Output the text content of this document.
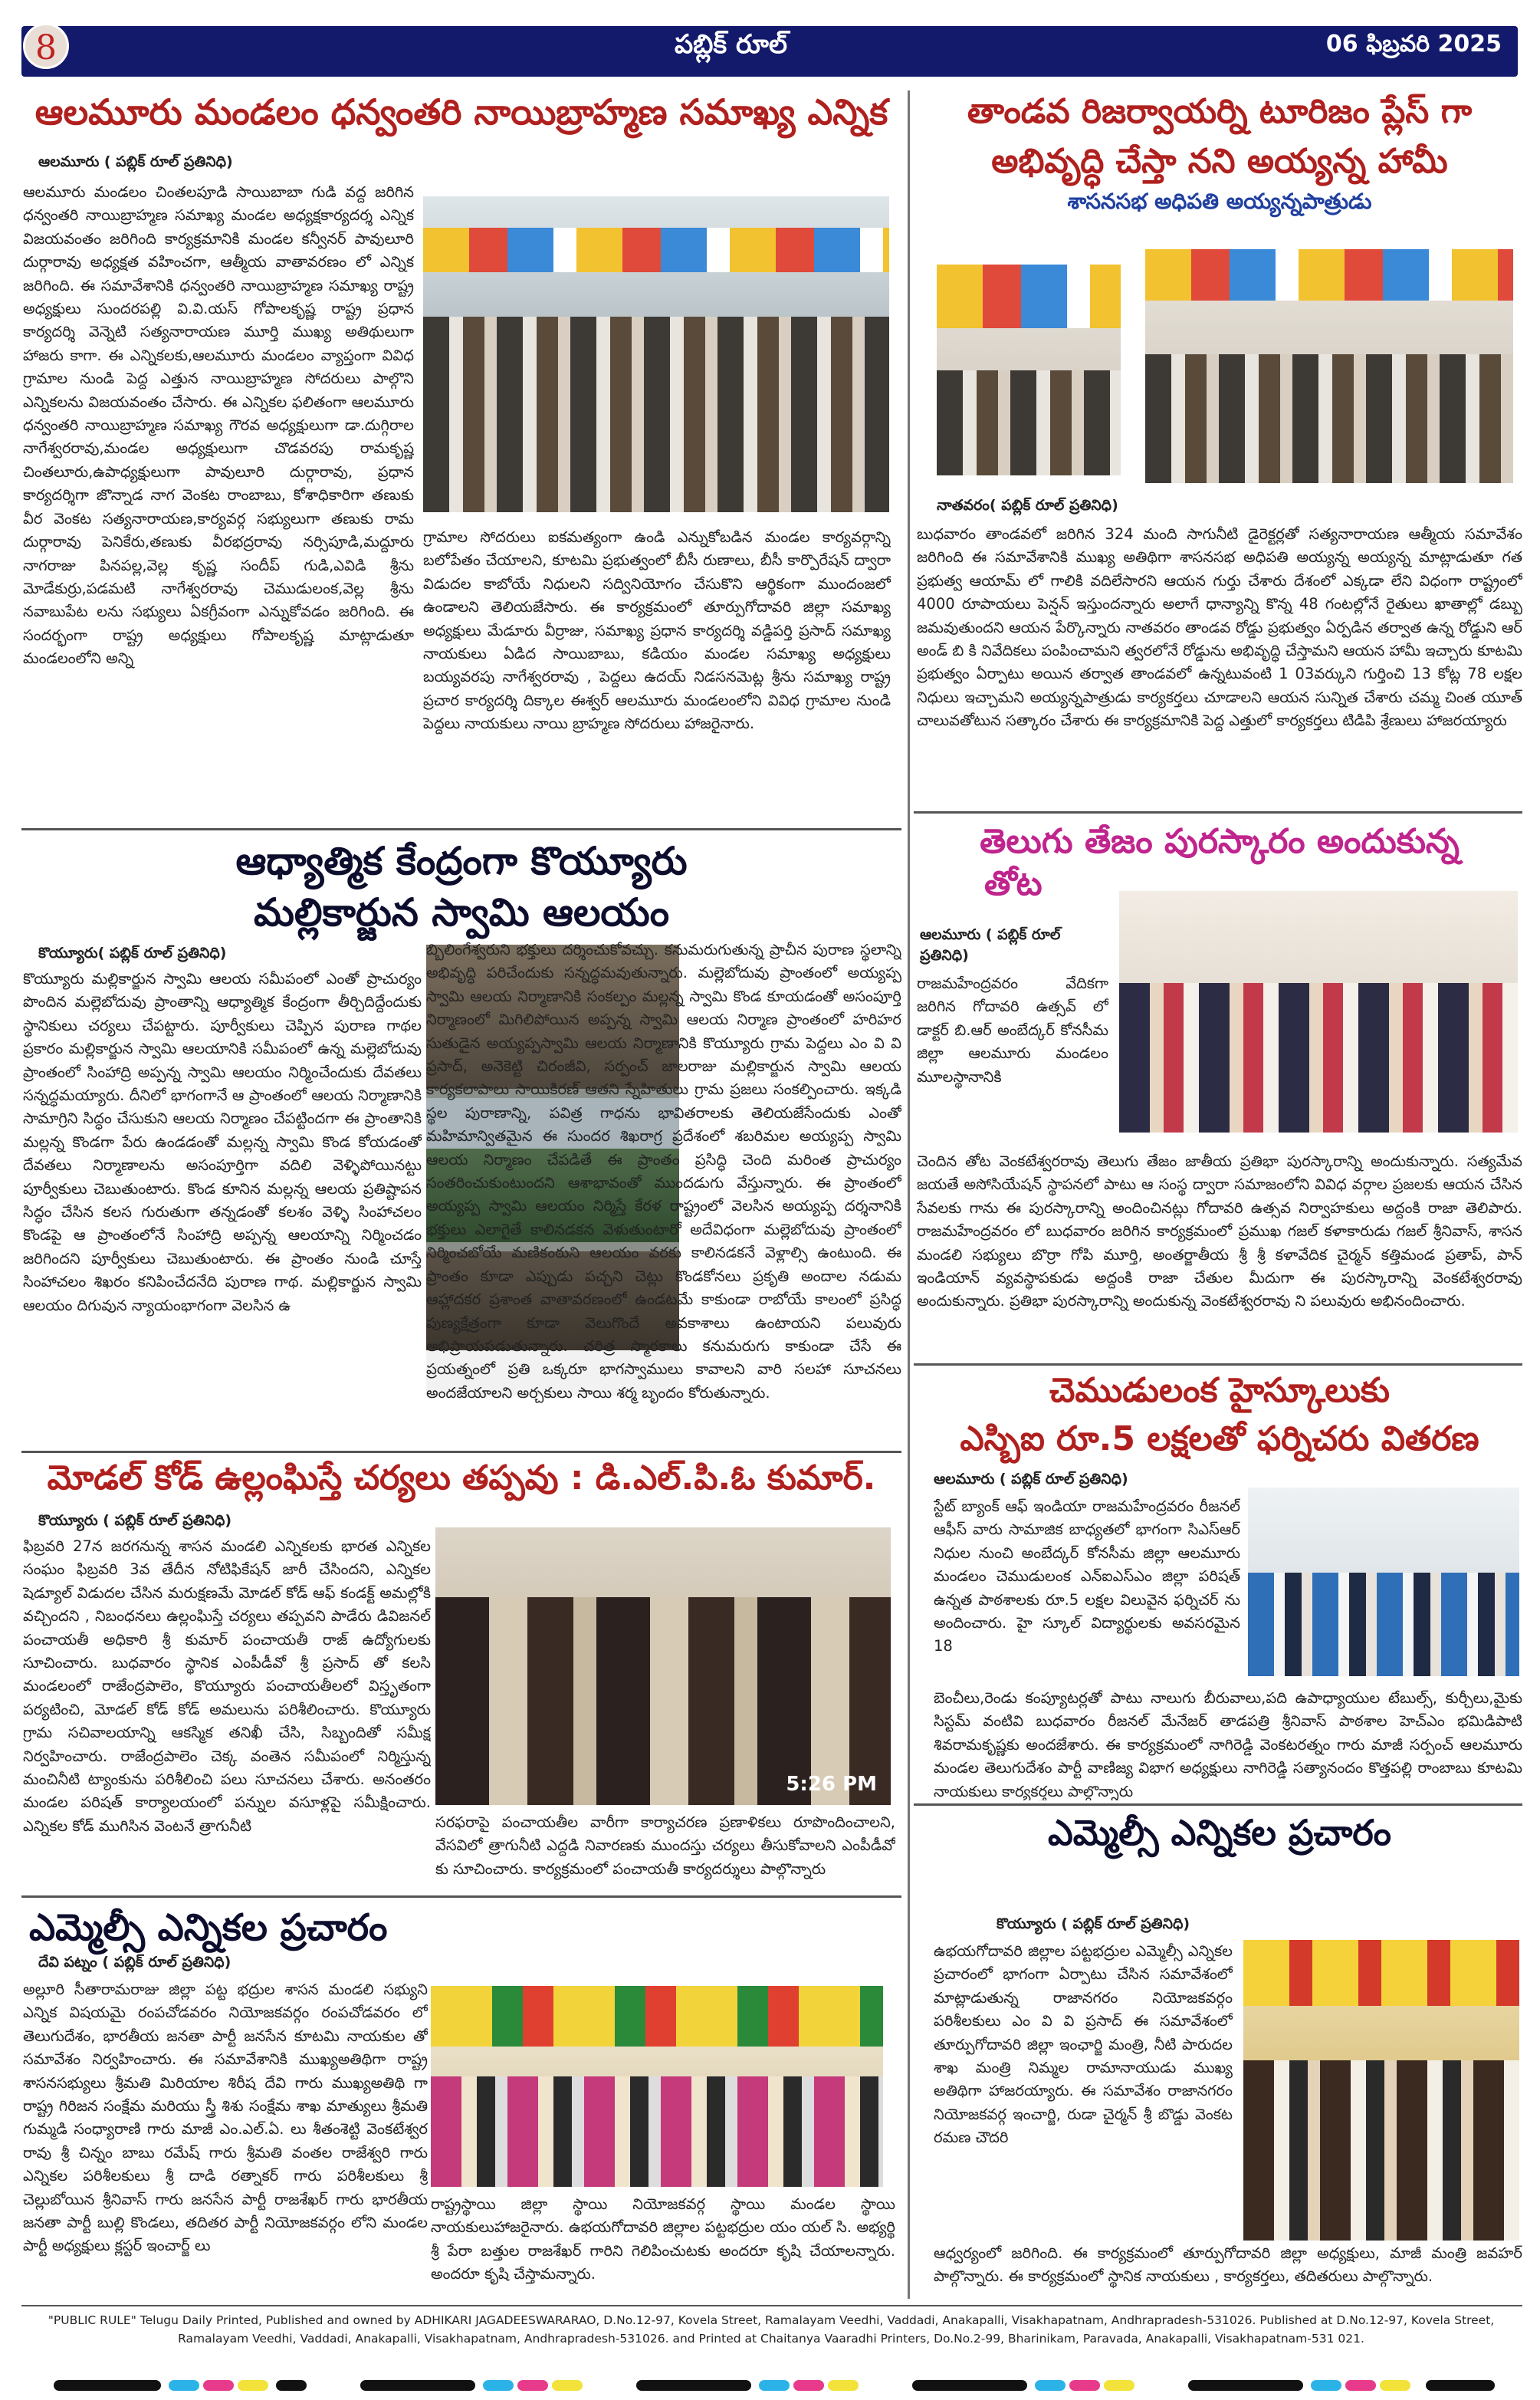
8	పబ్లిక్ రూల్	06 ఫిబ్రవరి 2025
ఆలమూరు మండలం ధన్వంతరి నాయిబ్రాహ్మణ సమాఖ్య ఎన్నిక
ఆలమూరు ( పబ్లిక్ రూల్ ప్రతినిధి)
ఆలమూరు మండలం చింతలపూడి సాయిబాబా గుడి వద్ద జరిగిన ధన్వంతరి నాయిబ్రాహ్మణ సమాఖ్య మండల అధ్యక్షకార్యదర్శ ఎన్నిక విజయవంతం జరిగింది కార్యక్రమానికి మండల కన్వీనర్ పావులూరి దుర్గారావు అధ్యక్షత వహించగా, ఆత్మీయ వాతావరణం లో ఎన్నిక జరిగింది. ఈ సమావేశానికి ధన్వంతరి నాయిబ్రాహ్మణ సమాఖ్య రాష్ట్ర అధ్యక్షులు సుందరపల్లి వి.వి.యస్ గోపాలకృష్ణ రాష్ట్ర ప్రధాన కార్యదర్శి వెన్నెటి సత్యనారాయణ మూర్తి ముఖ్య అతిథులుగా హాజరు కాగా. ఈ ఎన్నికలకు,ఆలమూరు మండలం వ్యాప్తంగా వివిధ గ్రామాల నుండి పెద్ద ఎత్తున నాయిబ్రాహ్మణ సోదరులు పాల్గొని ఎన్నికలను విజయవంతం చేసారు. ఈ ఎన్నికల ఫలితంగా ఆలమూరు ధన్వంతరి నాయిబ్రాహ్మణ సమాఖ్య గౌరవ అధ్యక్షులుగా డా.దుగ్గిరాల నాగేశ్వరరావు,మండల అధ్యక్షులుగా చొడవరపు రామకృష్ణ చింతలూరు,ఉపాధ్యక్షులుగా పావులూరి దుర్గారావు, ప్రధాన కార్యదర్శిగా జొన్నాడ నాగ వెంకట రాంబాబు, కోశాధికారిగా తణుకు వీర వెంకట సత్యనారాయణ,కార్యవర్గ సభ్యులుగా తణుకు రామ దుర్గారావు పెనికేరు,తణుకు వీరభద్రరావు నర్సిపూడి,మద్దూరు నాగరాజు పినపల్ల,వెల్ల కృష్ణ సందీప్ గుడి,ఎవిడి శ్రీను మోడేకుర్రు,పడమటి నాగేశ్వరరావు చెముడులంక,వెల్ల శ్రీను నవాబుపేట లను సభ్యులు ఏకగ్రీవంగా ఎన్నుకోవడం జరిగింది. ఈ సందర్భంగా రాష్ట్ర అధ్యక్షులు గోపాలకృష్ణ మాట్లాడుతూ మండలంలోని అన్ని
గ్రామాల సోదరులు ఐకమత్యంగా ఉండి ఎన్నుకోబడిన మండల కార్యవర్గాన్ని బలోపేతం చేయాలని, కూటమి ప్రభుత్వంలో బీసీ రుణాలు, బీసీ కార్పొరేషన్ ద్వారా విడుదల కాబోయే నిధులని సద్వినియోగం చేసుకొని ఆర్థికంగా ముందంజలో ఉండాలని తెలియజేసారు. ఈ కార్యక్రమంలో తూర్పుగోదావరి జిల్లా సమాఖ్య అధ్యక్షులు మేడూరు వీర్రాజు, సమాఖ్య ప్రధాన కార్యదర్శి వడ్డిపర్తి ప్రసాద్ సమాఖ్య నాయకులు ఏడిద సాయిబాబు, కడియం మండల సమాఖ్య అధ్యక్షులు బయ్యవరపు నాగేశ్వరరావు , పెద్దలు ఉదయ్ నిడసనమెట్ల శ్రీను సమాఖ్య రాష్ట్ర ప్రచార కార్యదర్శి దిక్కాల ఈశ్వర్ ఆలమూరు మండలంలోని వివిధ గ్రామాల నుండి పెద్దలు నాయకులు నాయి బ్రాహ్మణ సోదరులు హాజరైనారు.
తాండవ రిజర్వాయర్ని టూరిజం ప్లేస్ గా
అభివృద్ధి చేస్తా నని అయ్యన్న హామీ
శాసనసభ అధిపతి అయ్యన్నపాత్రుడు
నాతవరం( పబ్లిక్ రూల్ ప్రతినిధి)
బుధవారం తాండవలో జరిగిన 324 మంది సాగునీటి డైరెక్టర్లతో సత్యనారాయణ ఆత్మీయ సమావేశం జరిగింది ఈ సమావేశానికి ముఖ్య అతిథిగా శాసనసభ అధిపతి అయ్యన్న అయ్యన్న మాట్లాడుతూ గత ప్రభుత్వ ఆయామ్ లో గాలికి వదిలేసారని ఆయన గుర్తు చేశారు దేశంలో ఎక్కడా లేని విధంగా రాష్ట్రంలో 4000 రూపాయలు పెన్షన్ ఇస్తుందన్నారు అలాగే ధాన్యాన్ని కొన్న 48 గంటల్లోనే రైతులు ఖాతాల్లో డబ్బు జమవుతుందని ఆయన పేర్కొన్నారు నాతవరం తాండవ రోడ్డు ప్రభుత్వం ఏర్పడిన తర్వాత ఉన్న రోడ్డుని ఆర్ అండ్ బి కి నివేదికలు పంపించామని త్వరలోనే రోడ్డును అభివృద్ధి చేస్తామని ఆయన హామీ ఇచ్చారు కూటమి ప్రభుత్వం ఏర్పాటు అయిన తర్వాత తాండవలో ఉన్నటువంటి 1 03వర్కుని గుర్తించి 13 కోట్ల 78 లక్షల నిధులు ఇచ్చామని అయ్యన్నపాత్రుడు కార్యకర్తలు చూడాలని ఆయన సున్నిత చేశారు చమ్మ చింత యూత్ చాలువతోటున సత్కారం చేశారు ఈ కార్యక్రమానికి పెద్ద ఎత్తులో కార్యకర్తలు టిడిపి శ్రేణులు హాజరయ్యారు
ఆధ్యాత్మిక కేంద్రంగా కొయ్యూరు
మల్లికార్జున స్వామి ఆలయం
కొయ్యూరు( పబ్లిక్ రూల్ ప్రతినిధి)
కొయ్యూరు మల్లికార్జున స్వామి ఆలయ సమీపంలో ఎంతో ప్రాచుర్యం పొందిన మల్లెబోదువు ప్రాంతాన్ని ఆధ్యాత్మిక కేంద్రంగా తీర్చిదిద్దేందుకు స్థానికులు చర్యలు చేపట్టారు. పూర్వీకులు చెప్పిన పురాణ గాథల ప్రకారం మల్లికార్జున స్వామి ఆలయానికి సమీపంలో ఉన్న మల్లెబోదువు ప్రాంతంలో సింహాద్రి అప్పన్న స్వామి ఆలయం నిర్మించేందుకు దేవతలు సన్నద్ధమయ్యారు. దీనిలో భాగంగానే ఆ ప్రాంతంలో ఆలయ నిర్మాణానికి సామాగ్రిని సిద్ధం చేసుకుని ఆలయ నిర్మాణం చేపట్టిందగా ఈ ప్రాంతానికి మల్లన్న కొండగా పేరు ఉండడంతో మల్లన్న స్వామి కొండ కోయడంతో దేవతలు నిర్మాణాలను అసంపూర్తిగా వదిలి వెళ్ళిపోయినట్టు పూర్వీకులు చెబుతుంటారు. కొండ కూనిన మల్లన్న ఆలయ ప్రతిష్టాపన సిద్ధం చేసిన కలస గురుతుగా తన్నడంతో కలశం వెళ్ళి సింహాచలం కొండపై ఆ ప్రాంతంలోనే సింహాద్రి అప్పన్న ఆలయాన్ని నిర్మించడం జరిగిందని పూర్వీకులు చెబుతుంటారు. ఈ ప్రాంతం నుండి చూస్తే సింహాచలం శిఖరం కనిపించేదనేది పురాణ గాథ. మల్లికార్జున స్వామి ఆలయం దిగువున న్యాయంభాగంగా వెలసిన ఉ
బ్బిలింగేశ్వరుని భక్తులు దర్శించుకోవచ్చు. కనుమరుగుతున్న ప్రాచీన పురాణ స్థలాన్ని అభివృద్ధి పరిచేందుకు సన్నద్ధమవుతున్నారు. మల్లెబోదువు ప్రాంతంలో అయ్యప్ప స్వామి ఆలయ నిర్మాణానికి సంకల్పం మల్లన్న స్వామి కొండ కూయడంతో అసంపూర్తి నిర్మాణంలో మిగిలిపోయిన అప్పన్న స్వామి ఆలయ నిర్మాణ ప్రాంతంలో హరిహర సుతుడైన అయ్యప్పస్వామి ఆలయ నిర్మాణానికి కొయ్యూరు గ్రామ పెద్దలు ఎం వి వి ప్రసాద్, అనెకెట్టి చిరంజీవి, సర్పంచ్ జాలరాజు మల్లికార్జున స్వామి ఆలయ కార్యకలాపాలు సాయికిరణ్ ఆతని స్నేహితులు గ్రామ ప్రజలు సంకల్పించారు. ఇక్కడి స్థల పురాణాన్ని, పవిత్ర గాధను భావితరాలకు తెలియజేసేందుకు ఎంతో మహిమాన్వితమైన ఈ సుందర శిఖరాగ్ర ప్రదేశంలో శబరిమల అయ్యప్ప స్వామి ఆలయ నిర్మాణం చేపడితే ఈ ప్రాంతం ప్రసిద్ధి చెంది మరింత ప్రాచుర్యం సంతరించుకుంటుందని ఆశాభావంతో ముందడుగు వేస్తున్నారు. ఈ ప్రాంతంలో అయ్యప్ప స్వామి ఆలయం నిర్మిస్తే కేరళ రాష్ట్రంలో వెలసిన అయ్యప్ప దర్శనానికి భక్తులు ఎలాగైతే కాలినడకన వెళుతుంటారో అదేవిధంగా మల్లెబోదువు ప్రాంతంలో నిర్మించబోయే మణికంఠుని ఆలయం వరకు కాలినడకనే వెళ్లాల్సి ఉంటుంది. ఈ ప్రాంతం కూడా ఎప్పుడు పచ్చని చెట్లు కొండకోనలు ప్రకృతి అందాల నడుమ ఆహ్లాదకర ప్రశాంత వాతావరణంలో ఉండటమే కాకుండా రాబోయే కాలంలో ప్రసిద్ధ పుణ్యక్షేత్రంగా కూడా వెలుగొందే అవకాశాలు ఉంటాయని పలువురు అభిప్రాయపడుతున్నారు. చరిత్ర స్మారకాలు కనుమరుగు కాకుండా చేసే ఈ ప్రయత్నంలో ప్రతి ఒక్కరూ భాగస్వాములు కావాలని వారి సలహా సూచనలు అందజేయాలని అర్చకులు సాయి శర్మ బృందం కోరుతున్నారు.
తెలుగు తేజం పురస్కారం అందుకున్న
తోట
ఆలమూరు ( పబ్లిక్ రూల్ ప్రతినిధి)
రాజమహేంద్రవరం వేదికగా జరిగిన గోదావరి ఉత్సవ్ లో డాక్టర్ బి.ఆర్ అంబేద్కర్ కోనసీమ జిల్లా ఆలమూరు మండలం మూలస్థానానికి
చెందిన తోట వెంకటేశ్వరరావు తెలుగు తేజం జాతీయ ప్రతిభా పురస్కారాన్ని అందుకున్నారు. సత్యమేవ జయతే అసోసియేషన్ స్థాపనలో పాటు ఆ సంస్థ ద్వారా సమాజంలోని వివిధ వర్గాల ప్రజలకు ఆయన చేసిన సేవలకు గాను ఈ పురస్కారాన్ని అందించినట్లు గోదావరి ఉత్సవ నిర్వాహకులు అద్దంకి రాజా తెలిపారు. రాజమహేంద్రవరం లో బుధవారం జరిగిన కార్యక్రమంలో ప్రముఖ గజల్ కళాకారుడు గజల్ శ్రీనివాస్, శాసన మండలి సభ్యులు బొర్రా గోపి మూర్తి, అంతర్జాతీయ శ్రీ శ్రీ కళావేదిక చైర్మన్ కత్తిమండ ప్రతాప్, పాన్ ఇండియాన్ వ్యవస్థాపకుడు అద్దంకి రాజా చేతుల మీదుగా ఈ పురస్కారాన్ని వెంకటేశ్వరరావు అందుకున్నారు. ప్రతిభా పురస్కారాన్ని అందుకున్న వెంకటేశ్వరరావు ని పలువురు అభినందించారు.
మోడల్ కోడ్ ఉల్లంఘిస్తే చర్యలు తప్పవు : డి.ఎల్.పి.ఓ కుమార్.
కొయ్యూరు ( పబ్లిక్ రూల్ ప్రతినిధి)
ఫిబ్రవరి 27న జరగనున్న శాసన మండలి ఎన్నికలకు భారత ఎన్నికల సంఘం ఫిబ్రవరి 3వ తేదీన నోటిఫికేషన్ జారీ చేసిందని, ఎన్నికల షెడ్యూల్ విడుదల చేసిన మరుక్షణమే మోడల్ కోడ్ ఆఫ్ కండక్ట్ అమల్లోకి వచ్చిందని , నిబంధనలు ఉల్లంఘిస్తే చర్యలు తప్పవని పాడేరు డివిజనల్ పంచాయతీ అధికారి శ్రీ కుమార్ పంచాయతీ రాజ్ ఉద్యోగులకు సూచించారు. బుధవారం స్థానిక ఎంపీడీవో శ్రీ ప్రసాద్ తో కలసి మండలంలో రాజేంద్రపాలెం, కొయ్యూరు పంచాయతీలలో విస్తృతంగా పర్యటించి, మోడల్ కోడ్ కోడ్ అమలును పరిశీలించారు. కొయ్యూరు గ్రామ సచివాలయాన్ని ఆకస్మిక తనిఖీ చేసి, సిబ్బందితో సమీక్ష నిర్వహించారు. రాజేంద్రపాలెం చెక్క వంతెన సమీపంలో నిర్మిస్తున్న మంచినీటి ట్యాంకును పరిశీలించి పలు సూచనలు చేశారు. అనంతరం మండల పరిషత్ కార్యాలయంలో పన్నుల వసూళ్లపై సమీక్షించారు. ఎన్నికల కోడ్ ముగిసిన వెంటనే త్రాగునీటి
5:26 PM
సరఫరాపై పంచాయతీల వారీగా కార్యాచరణ ప్రణాళికలు రూపొందించాలని, వేసవిలో త్రాగునీటి ఎద్దడి నివారణకు ముందస్తు చర్యలు తీసుకోవాలని ఎంపీడీవో కు సూచించారు. కార్యక్రమంలో పంచాయతీ కార్యదర్శులు పాల్గొన్నారు
చెముడులంక హైస్కూలుకు
ఎస్బిఐ రూ.5 లక్షలతో ఫర్నిచరు వితరణ
ఆలమూరు ( పబ్లిక్ రూల్ ప్రతినిధి)
స్టేట్ బ్యాంక్ ఆఫ్ ఇండియా రాజమహేంద్రవరం రీజనల్ ఆఫీస్ వారు సామాజిక బాధ్యతలో భాగంగా సిఎస్ఆర్ నిధుల నుంచి అంబేద్కర్ కోనసీమ జిల్లా ఆలమూరు మండలం చెముడులంక ఎన్ఐఎస్ఎం జిల్లా పరిషత్ ఉన్నత పాఠశాలకు రూ.5 లక్షల విలువైన ఫర్నిచర్ ను అందించారు. హై స్కూల్ విద్యార్థులకు అవసరమైన 18
బెంచీలు,రెండు కంప్యూటర్లతో పాటు నాలుగు బీరువాలు,పది ఉపాధ్యాయుల టేబుల్స్, కుర్చీలు,మైకు సిస్టమ్ వంటివి బుధవారం రీజనల్ మేనేజర్ తాడపత్రి శ్రీనివాస్ పాఠశాల హెచ్ఎం భమిడిపాటి శివరామకృష్ణకు అందజేశారు. ఈ కార్యక్రమంలో నాగిరెడ్డి వెంకటరత్నం గారు మాజీ సర్పంచ్ ఆలమూరు మండల తెలుగుదేశం పార్టీ వాణిజ్య విభాగ అధ్యక్షులు నాగిరెడ్డి సత్యానందం కొత్తపల్లి రాంబాబు కూటమి నాయకులు కార్యకర్తలు పాల్గొన్నారు
ఎమ్మెల్సీ ఎన్నికల ప్రచారం
దేవి పట్నం ( పబ్లిక్ రూల్ ప్రతినిధి)
అల్లూరి సీతారామరాజు జిల్లా పట్ట భద్రుల శాసన మండలి సభ్యుని ఎన్నిక విషయమై రంపచోడవరం నియోజకవర్గం రంపచోడవరం లో తెలుగుదేశం, భారతీయ జనతా పార్టీ జనసేన కూటమి నాయకుల తో సమావేశం నిర్వహించారు. ఈ సమావేశానికి ముఖ్యఅతిథిగా రాష్ట్ర శాసనసభ్యులు శ్రీమతి మిరియాల శిరీష దేవి గారు ముఖ్యఅతిథి గా రాష్ట్ర గిరిజన సంక్షేమ మరియు స్త్రీ శిశు సంక్షేమ శాఖ మాత్యులు శ్రీమతి గుమ్మడి సంధ్యారాణి గారు మాజీ ఎం.ఎల్.ఏ. లు శీతంశెట్టి వెంకటేశ్వర రావు శ్రీ చిన్నం బాబు రమేష్ గారు శ్రీమతి వంతల రాజేశ్వరి గారు ఎన్నికల పరిశీలకులు శ్రీ దాడి రత్నాకర్ గారు పరిశీలకులు శ్రీ చెల్లుబోయిన శ్రీనివాస్ గారు జనసేన పార్టీ రాజశేఖర్ గారు భారతీయ జనతా పార్టీ బుల్లి కొండలు, తదితర పార్టీ నియోజకవర్గం లోని మండల పార్టీ అధ్యక్షులు క్లస్టర్ ఇంచార్జ్ లు
రాష్ట్రస్థాయి జిల్లా స్థాయి నియోజకవర్గ స్థాయి మండల స్థాయి నాయకులుహాజరైనారు. ఉభయగోదావరి జిల్లాల పట్టభద్రుల యం యల్ సి. అభ్యర్థి శ్రీ పేరా బత్తుల రాజశేఖర్ గారిని గెలిపించుటకు అందరూ కృషి చేయాలన్నారు. అందరూ కృషి చేస్తామన్నారు.
ఎమ్మెల్సీ ఎన్నికల ప్రచారం
కొయ్యూరు ( పబ్లిక్ రూల్ ప్రతినిధి)
ఉభయగోదావరి జిల్లాల పట్టభద్రుల ఎమ్మెల్సీ ఎన్నికల ప్రచారంలో భాగంగా ఏర్పాటు చేసిన సమావేశంలో మాట్లాడుతున్న రాజానగరం నియోజకవర్గం పరిశీలకులు ఎం వి వి ప్రసాద్ ఈ సమావేశంలో తూర్పుగోదావరి జిల్లా ఇంఛార్జి మంత్రి, నీటి పారుదల శాఖ మంత్రి నిమ్మల రామానాయుడు ముఖ్య అతిథిగా హాజరయ్యారు. ఈ సమావేశం రాజానగరం నియోజకవర్గ ఇంచార్జి, రుడా చైర్మన్ శ్రీ బొడ్డు వెంకట రమణ చౌదరి
ఆధ్వర్యంలో జరిగింది. ఈ కార్యక్రమంలో తూర్పుగోదావరి జిల్లా అధ్యక్షులు, మాజీ మంత్రి జవహర్ పాల్గొన్నారు. ఈ కార్యక్రమంలో స్థానిక నాయకులు , కార్యకర్తలు, తదితరులు పాల్గొన్నారు.
"PUBLIC RULE" Telugu Daily Printed, Published and owned by ADHIKARI JAGADEESWARARAO, D.No.12-97, Kovela Street, Ramalayam Veedhi, Vaddadi, Anakapalli, Visakhapatnam, Andhrapradesh-531026. Published at D.No.12-97, Kovela Street, Ramalayam Veedhi, Vaddadi, Anakapalli, Visakhapatnam, Andhrapradesh-531026. and Printed at Chaitanya Vaaradhi Printers, Do.No.2-99, Bharinikam, Paravada, Anakapalli, Visakhapatnam-531 021.
